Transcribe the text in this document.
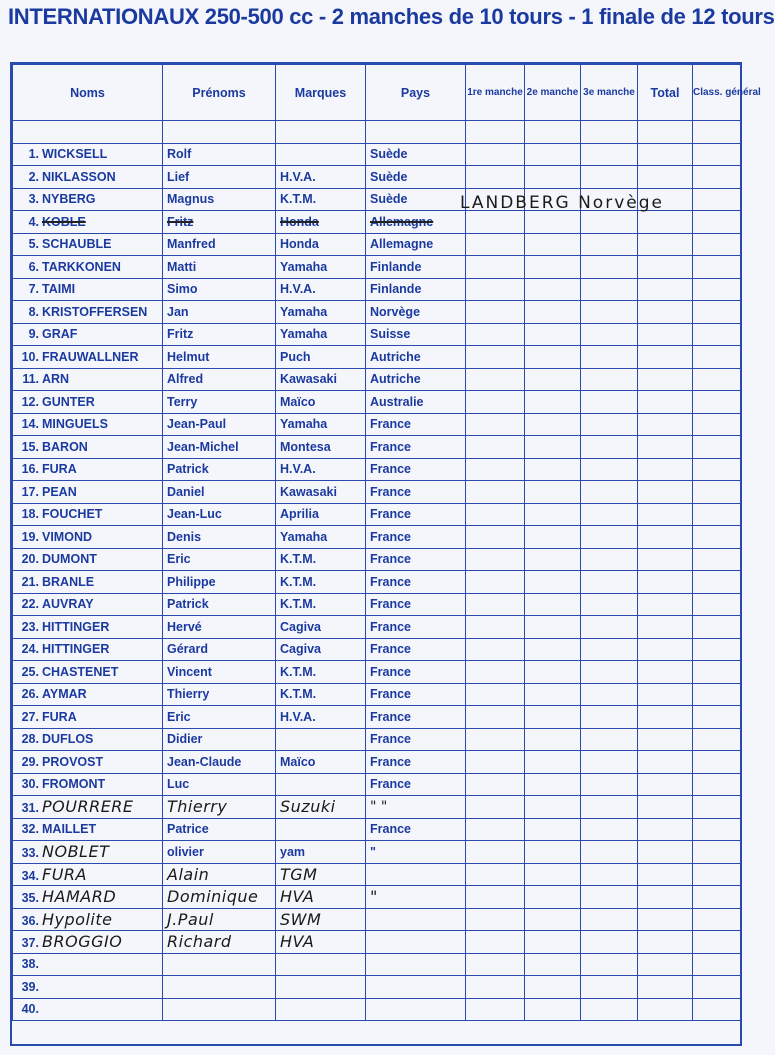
INTERNATIONAUX 250-500 cc - 2 manches de 10 tours - 1 finale de 12 tours
Noms	Prénoms	Marques	Pays	1re manche	2e manche	3e manche	Total	Class. général

1. WICKSELL	Rolf		Suède					
2. NIKLASSON	Lief	H.V.A.	Suède					
3. NYBERG	Magnus	K.T.M.	Suède					
4. KOBLE	Fritz	Honda	Allemagne					
5. SCHAUBLE	Manfred	Honda	Allemagne					
6. TARKKONEN	Matti	Yamaha	Finlande					
7. TAIMI	Simo	H.V.A.	Finlande					
8. KRISTOFFERSEN	Jan	Yamaha	Norvège					
9. GRAF	Fritz	Yamaha	Suisse					
10. FRAUWALLNER	Helmut	Puch	Autriche					
11. ARN	Alfred	Kawasaki	Autriche					
12. GUNTER	Terry	Maïco	Australie					
14. MINGUELS	Jean-Paul	Yamaha	France					
15. BARON	Jean-Michel	Montesa	France					
16. FURA	Patrick	H.V.A.	France					
17. PEAN	Daniel	Kawasaki	France					
18. FOUCHET	Jean-Luc	Aprilia	France					
19. VIMOND	Denis	Yamaha	France					
20. DUMONT	Eric	K.T.M.	France					
21. BRANLE	Philippe	K.T.M.	France					
22. AUVRAY	Patrick	K.T.M.	France					
23. HITTINGER	Hervé	Cagiva	France					
24. HITTINGER	Gérard	Cagiva	France					
25. CHASTENET	Vincent	K.T.M.	France					
26. AYMAR	Thierry	K.T.M.	France					
27. FURA	Eric	H.V.A.	France					
28. DUFLOS	Didier		France					
29. PROVOST	Jean-Claude	Maïco	France					
30. FROMONT	Luc		France					
31. POURRERE	Thierry	Suzuki	" "					
32. MAILLET	Patrice		France					
33. NOBLET	olivier	yam	"					
34. FURA	Alain	TGM						
35. HAMARD	Dominique	HVA	"					
36. Hypolite	J.Paul	SWM						
37. BROGGIO	Richard	HVA						
38.								
39.								
40.								
LANDBERG Norvège
